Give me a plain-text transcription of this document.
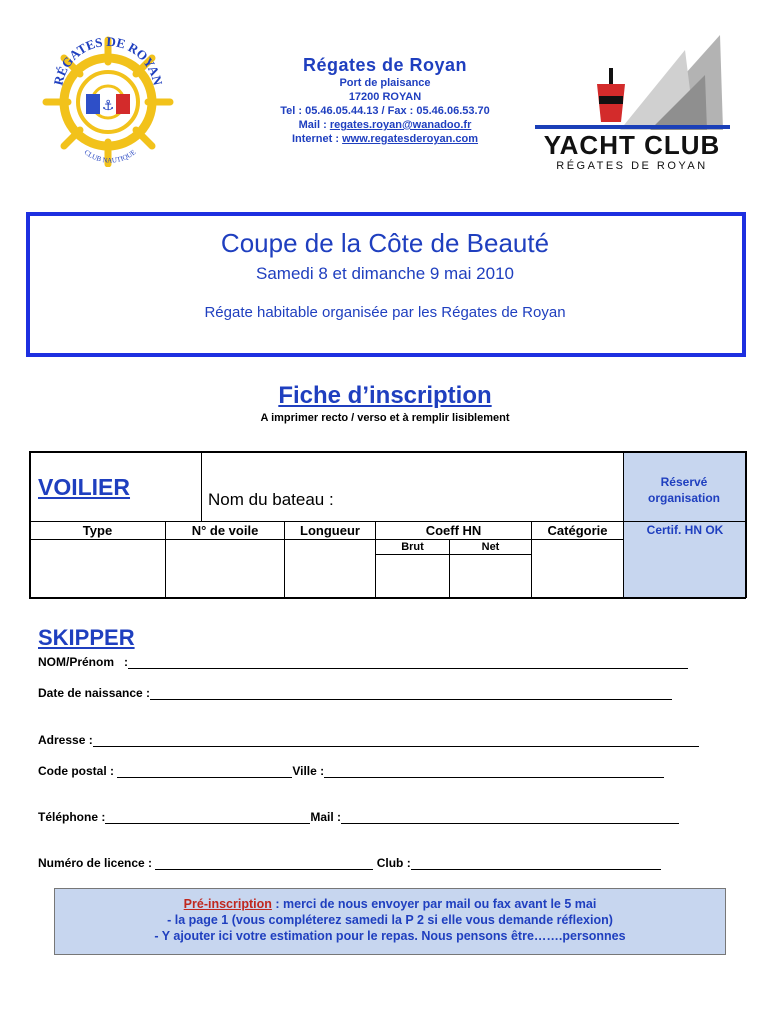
⚓
RÉGATES DE ROYAN
CLUB NAUTIQUE
Régates de Royan
Port de plaisance
17200 ROYAN
Tel : 05.46.05.44.13 / Fax : 05.46.06.53.70
Mail : regates.royan@wanadoo.fr
Internet : www.regatesderoyan.com	YACHT CLUB
RÉGATES DE ROYAN
Coupe de la Côte de Beauté
Samedi 8 et dimanche 9 mai 2010
Régate habitable organisée par les Régates de Royan
Fiche d’inscription
A imprimer recto / verso et à remplir lisiblement
VOILIER	Nom du bateau :
Réservé organisation
Type	N° de voile	Longueur	Coeff HN	Catégorie
Brut	Net
Certif. HN OK
SKIPPER
NOM/Prénom   :
Date de naissance :
Adresse :
Code postal :	Ville :
Téléphone :	Mail :
Numéro de licence :	Club :
Pré-inscription : merci de nous envoyer par mail ou fax avant le 5 mai
- la page 1 (vous compléterez samedi la P 2 si elle vous demande réflexion)
- Y ajouter ici votre estimation pour le repas. Nous pensons être…….personnes
